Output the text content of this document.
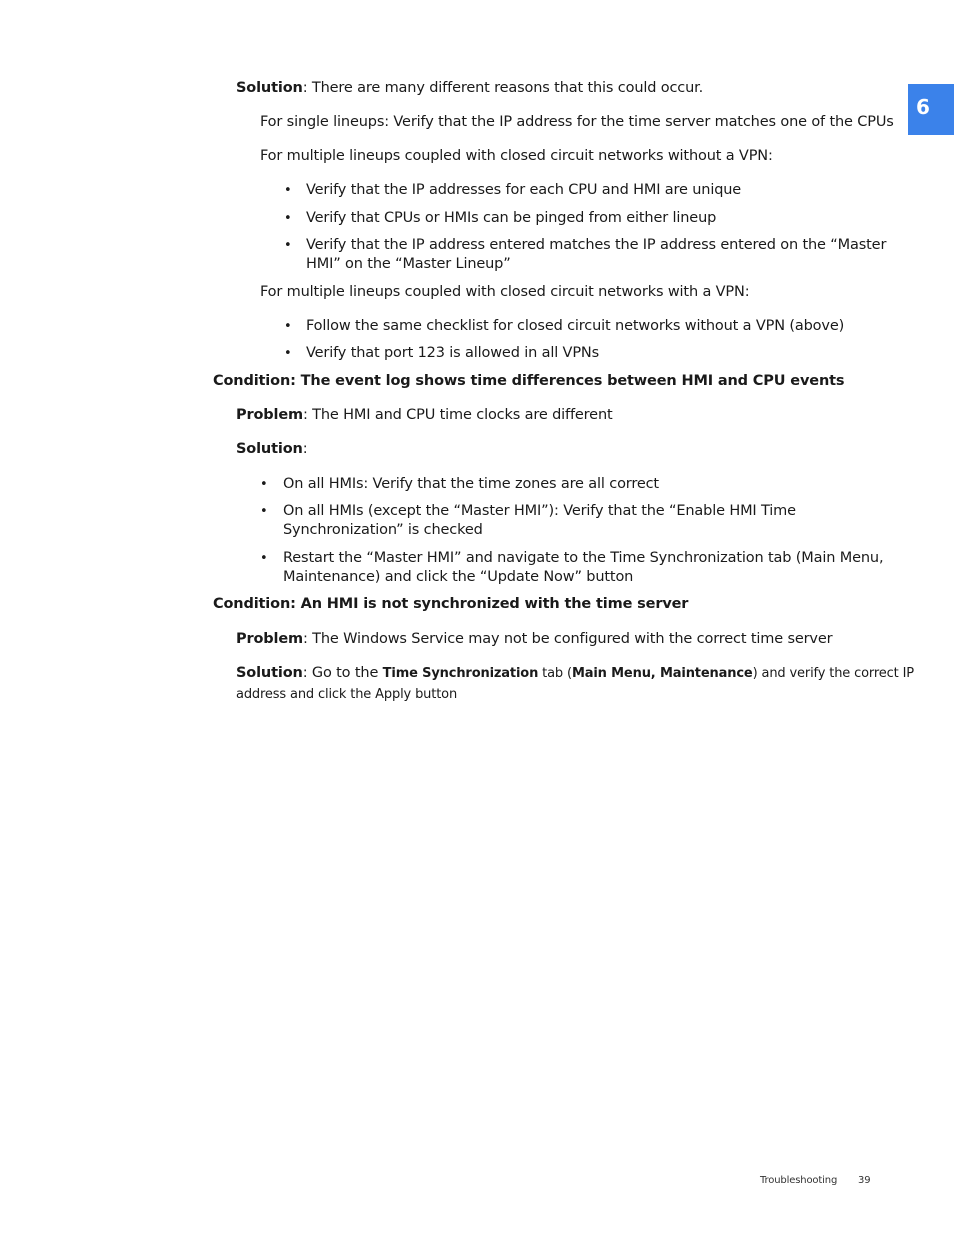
6

Solution: There are many different reasons that this could occur.

For single lineups: Verify that the IP address for the time server matches one of the CPUs

For multiple lineups coupled with closed circuit networks without a VPN:

• Verify that the IP addresses for each CPU and HMI are unique

• Verify that CPUs or HMIs can be pinged from either lineup

• Verify that the IP address entered matches the IP address entered on the “Master

HMI” on the “Master Lineup”

For multiple lineups coupled with closed circuit networks with a VPN:

• Follow the same checklist for closed circuit networks without a VPN (above)

• Verify that port 123 is allowed in all VPNs

Condition: The event log shows time differences between HMI and CPU events

Problem: The HMI and CPU time clocks are different

Solution:

• On all HMIs: Verify that the time zones are all correct

• On all HMIs (except the “Master HMI”): Verify that the “Enable HMI Time

Synchronization” is checked

• Restart the “Master HMI” and navigate to the Time Synchronization tab (Main Menu,

Maintenance) and click the “Update Now” button

Condition: An HMI is not synchronized with the time server

Problem: The Windows Service may not be configured with the correct time server

Solution: Go to the Time Synchronization tab (Main Menu, Maintenance) and verify the correct IP

address and click the Apply button

Troubleshooting 39
